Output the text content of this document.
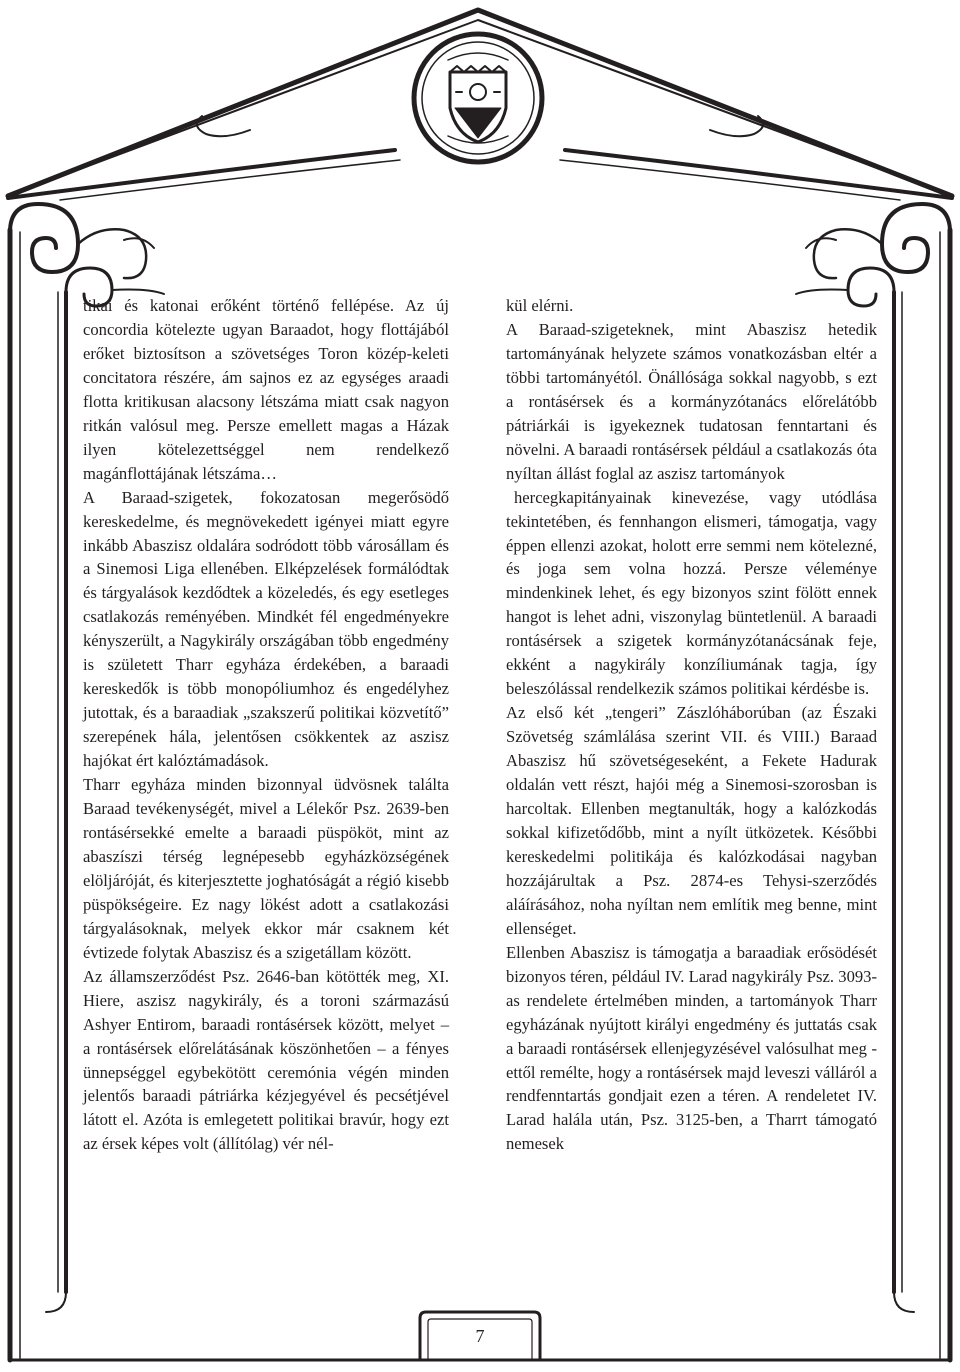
tikai és katonai erőként történő fellépése. Az új concordia kötelezte ugyan Baraadot, hogy flottájából erőket biztosítson a szövetséges Toron közép-keleti concitatora részére, ám sajnos ez az egységes araadi flotta kritikusan alacsony létszáma miatt csak nagyon ritkán valósul meg. Persze emellett magas a Házak ilyen kötelezettséggel nem rendelkező magánflottájának létszáma…

A Baraad-szigetek, fokozatosan megerősödő kereskedelme, és megnövekedett igényei miatt egyre inkább Abaszisz oldalára sodródott több városállam és a Sinemosi Liga ellenében. Elképzelések formálódtak és tárgyalások kezdődtek a közeledés, és egy esetleges csatlakozás reményében. Mindkét fél engedményekre kényszerült, a Nagykirály országában több engedmény is született Tharr egyháza érdekében, a baraadi kereskedők is több monopóliumhoz és engedélyhez jutottak, és a baraadiak „szakszerű politikai közvetítő” szerepének hála, jelentősen csökkentek az aszisz hajókat ért kalóztámadások.

Tharr egyháza minden bizonnyal üdvösnek találta Baraad tevékenységét, mivel a Lélekőr Psz. 2639-ben rontásérsekké emelte a baraadi püspököt, mint az abaszíszi térség legnépesebb egyházközségének elöljáróját, és kiterjesztette joghatóságát a régió kisebb püspökségeire. Ez nagy lökést adott a csatlakozási tárgyalásoknak, melyek ekkor már csaknem két évtizede folytak Abaszisz és a szigetállam között.

Az államszerződést Psz. 2646-ban kötötték meg, XI. Hiere, aszisz nagykirály, és a toroni származású Ashyer Entirom, baraadi rontásérsek között, melyet – a rontásérsek előrelátásának köszönhetően – a fényes ünnepséggel egybekötött ceremónia végén minden jelentős baraadi pátriárka kézjegyével és pecsétjével látott el. Azóta is emlegetett politikai bravúr, hogy ezt az érsek képes volt (állítólag) vér nél-

kül elérni.

A Baraad-szigeteknek, mint Abaszisz hetedik tartományának helyzete számos vonatkozásban eltér a többi tartományétól. Önállósága sokkal nagyobb, s ezt a rontásérsek és a kormányzótanács előrelátóbb pátriárkái is igyekeznek tudatosan fenntartani és növelni. A baraadi rontásérsek például a csatlakozás óta nyíltan állást foglal az aszisz tartományok

hercegkapitányainak kinevezése, vagy utódlása tekintetében, és fennhangon elismeri, támogatja, vagy éppen ellenzi azokat, holott erre semmi nem kötelezné, és joga sem volna hozzá. Persze véleménye mindenkinek lehet, és egy bizonyos szint fölött ennek hangot is lehet adni, viszonylag büntetlenül. A baraadi rontásérsek a szigetek kormányzótanácsának feje, ekként a nagykirály konzíliumának tagja, így beleszólással rendelkezik számos politikai kérdésbe is.

Az első két „tengeri” Zászlóháborúban (az Északi Szövetség számlálása szerint VII. és VIII.) Baraad Abaszisz hű szövetségeseként, a Fekete Hadurak oldalán vett részt, hajói még a Sinemosi-szorosban is harcoltak. Ellenben megtanulták, hogy a kalózkodás sokkal kifizetődőbb, mint a nyílt ütközetek. Későbbi kereskedelmi politikája és kalózkodásai nagyban hozzájárultak a Psz. 2874-es Tehysi-szerződés aláírásához, noha nyíltan nem említik meg benne, mint ellenséget.

Ellenben Abaszisz is támogatja a baraadiak erősödését bizonyos téren, például IV. Larad nagykirály Psz. 3093-as rendelete értelmében minden, a tartományok Tharr egyházának nyújtott királyi engedmény és juttatás csak a baraadi rontásérsek ellenjegyzésével valósulhat meg - ettől remélte, hogy a rontásérsek majd leveszi válláról a rendfenntartás gondjait ezen a téren. A rendeletet IV. Larad halála után, Psz. 3125-ben, a Tharrt támogató nemesek

7
